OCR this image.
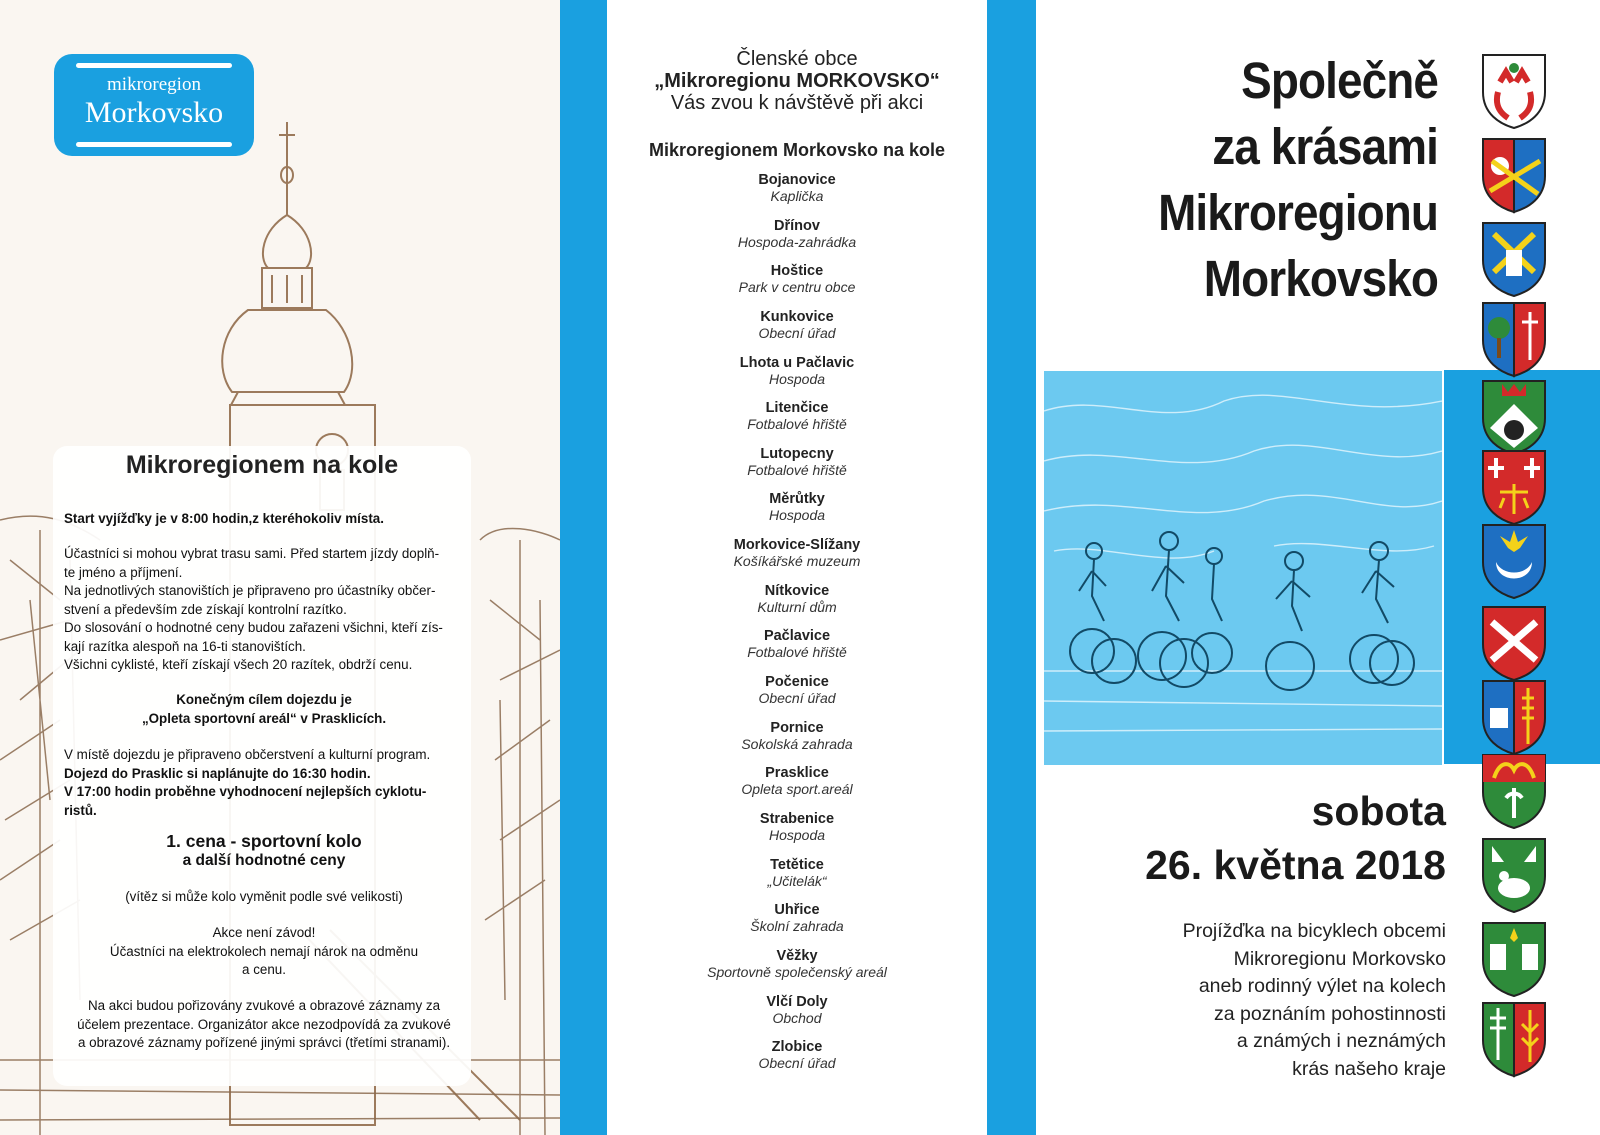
mikroregion
Morkovsko
Mikroregionem na kole

Start vyjížďky je v 8:00 hodin,z kteréhokoliv místa.

Účastníci si mohou vybrat trasu sami. Před startem jízdy doplň-

te jméno a příjmení.

Na jednotlivých stanovištích je připraveno pro účastníky občer-

stvení a především zde získají kontrolní razítko.

Do slosování o hodnotné ceny budou zařazeni všichni, kteří zís-

kají razítka alespoň na 16-ti stanovištích.

Všichni cyklisté, kteří získají všech 20 razítek, obdrží cenu.

Konečným cílem dojezdu je

„Opleta sportovní areál“ v Prasklicích.

V místě dojezdu je připraveno občerstvení a kulturní program.

Dojezd do Prasklic si naplánujte do 16:30 hodin.

V 17:00 hodin proběhne vyhodnocení nejlepších cyklotu-

ristů.

1. cena - sportovní kolo

a další hodnotné ceny

(vítěz si může kolo vyměnit podle své velikosti)

Akce není závod!

Účastníci na elektrokolech nemají nárok na odměnu

a cenu.

Na akci budou pořizovány zvukové a obrazové záznamy za

účelem prezentace. Organizátor akce nezodpovídá za zvukové

a obrazové záznamy pořízené jinými správci (třetími stranami).

Členské obce
„Mikroregionu MORKOVSKO“
Vás zvou k návštěvě při akci
Mikroregionem Morkovsko na kole
Bojanovice
Kaplička
Dřínov
Hospoda-zahrádka
Hoštice
Park v centru obce
Kunkovice
Obecní úřad
Lhota u Pačlavic
Hospoda
Litenčice
Fotbalové hřiště
Lutopecny
Fotbalové hřiště
Měrůtky
Hospoda
Morkovice-Slížany
Košíkářské muzeum
Nítkovice
Kulturní dům
Pačlavice
Fotbalové hřiště
Počenice
Obecní úřad
Pornice
Sokolská zahrada
Prasklice
Opleta sport.areál
Strabenice
Hospoda
Tetětice
„Učitelák“
Uhřice
Školní zahrada
Věžky
Sportovně společenský areál
Vlčí Doly
Obchod
Zlobice
Obecní úřad
Společně
za krásami
Mikroregionu
Morkovsko
sobota
26. května 2018
Projížďka na bicyklech obcemi
Mikroregionu Morkovsko
aneb rodinný výlet na kolech
za poznáním pohostinnosti
a známých i neznámých
krás našeho kraje
